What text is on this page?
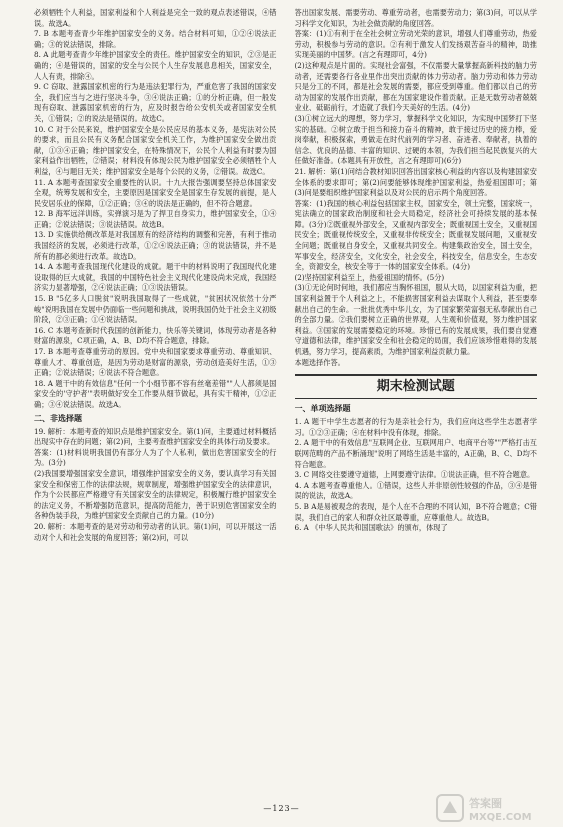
必须牺牲个人利益，国家利益和个人利益是完全一致的观点表述错误，④错误。故选A。

7. B 本题考查青少年维护国家安全的义务。结合材料可知，①②④说法正确；③的说法错误，排除。

8. A 此题考查青少年维护国家安全的责任。维护国家安全的知识，②③是正确的；④是错误的，国家的安全与公民个人生存发展息息相关，国家安全，人人有责，排除④。

9. C 窃取、泄露国家机密的行为是违法犯罪行为，严重危害了我国的国家安全，我们应当与之进行坚决斗争，③④说法正确；①的分析正确，但一般发现有窃取、泄露国家机密的行为，应及时报告给公安机关或者国家安全机关，①错误；②的说法是错误的。故选C。

10. C 对于公民来说，维护国家安全是公民应尽的基本义务，是宪法对公民的要求，而且公民有义务配合国家安全机关工作，为维护国家安全做出贡献，①③④正确；维护国家安全，在特殊情况下，公民个人利益有时要为国家利益作出牺牲，②错误；材料没有体现公民为维护国家安全必须牺牲个人利益，④与题目无关；维护国家安全是每个公民的义务，②错误。故选C。

11. A 本题考查国家安全重要性的认识。十九大报告强调要坚持总体国家安全观，统筹发展和安全，主要原因是国家安全是国家生存发展的前提，是人民安居乐业的保障，①②正确；③④的说法是正确的，但不符合题意。

12. B 海军远洋训练，实弹演习是为了捍卫自身实力，维护国家安全，①④正确；②说法错误；③说法错误。故选B。

13. D 实施供给侧改革是对我国原有的经济结构的调整和完善，有利于推动我国经济的发展，必须进行改革，①②④说法正确；③的说法错误，并不是所有的都必须进行改革。故选D。

14. A 本题考查我国现代化建设的成就。题干中的材料说明了我国现代化建设取得的巨大成就，我国的中国特色社会主义现代化建设尚未完成，我国经济实力显著增强，②④说法正确；①③说法错误。

15. B "5亿多人口脱贫"说明我国取得了一些成就，"贫困状况依然十分严峻"说明我国在发展中仍面临一些问题和挑战，说明我国仍处于社会主义初级阶段，②③正确；①④说法错误。

16. C 本题考查新时代我国的创新能力，快乐等关键词，体现劳动者是各种财富的源泉，C项正确，A、B、D均不符合题意，排除。

17. B 本题考查尊重劳动的原因。党中央和国家要求尊重劳动、尊重知识、尊重人才、尊重创造，是因为劳动是财富的源泉，劳动创造美好生活，①③正确；②说法错误；④说法不符合题意。

18. A 题干中的有效信息"任何一个小细节都不容有丝毫差错""人人都须是国家安全的'守护者'"表明做好安全工作要从细节做起，具有实干精神，①②正确；③④说法错误。故选A。

二、非选择题

19. 解析：本题考查的知识点是维护国家安全。第(1)问，主要通过材料概括出现实中存在的问题；第(2)问，主要考查维护国家安全的具体行动及要求。

答案：(1)材料说明我国仍有部分人为了个人私利，做出危害国家安全的行为。(3分)

(2)我国要增强国家安全意识，增强维护国家安全的义务，要认真学习有关国家安全和保密工作的法律法规，规章制度，增强维护国家安全的法律意识，作为个公民都应严格遵守有关国家安全的法律规定，积极履行维护国家安全的法定义务，不断增强防范意识，提高防范能力，善于识别危害国家安全的各种伪装手段，为维护国家安全贡献自己的力量。(10分)

20. 解析：本题考查的是对劳动和劳动者的认识。第(1)问，可以开展这一活动对个人和社会发展的角度回答；第(2)问，可以

答出国家发展、需要劳动、尊重劳动者，也需要劳动力；第(3)问，可以从学习科学文化知识，为社会做贡献的角度回答。

答案：(1)①有利于在全社会树立劳动光荣的意识，增强人们尊重劳动，热爱劳动，积极参与劳动的意识。②有利于激发人们发扬艰苦奋斗的精神，助推实现美丽的中国梦。(言之有理即可，4分)

(2)这种观点是片面的。实现社会富强，不仅需要大量掌握高新科技的脑力劳动者，还需要各行各业里作出突出贡献的体力劳动者。脑力劳动和体力劳动只是分工的不同，都是社会发展的需要，都应受到尊重。他们都以自己的劳动为国家的发展作出贡献，都在为国家建设作着贡献。正是无数劳动者兢兢业业、砥砺前行，才造就了我们今天美好的生活。(4分)

(3)①树立远大的理想，努力学习，掌握科学文化知识，为实现中国梦打下坚实的基础。②树立敢于担当和接力奋斗的精神，敢于接过历史的接力棒，爱岗奉献，积极探索，勇做走在时代前列的学习者、奋进者、奉献者，执着的信念、优良的品德、丰富的知识、过硬的本领，为我们担当起民族复兴的大任做好准备。(本题具有开放性，言之有理即可)(6分)

21. 解析：第(1)问结合教材知识回答出国家核心利益的内容以及构建国家安全体系的要求即可；第(2)问要能够体现维护国家利益，热爱祖国即可；第(3)问是要组织维护国家利益以及对公民的启示两个角度回答。

答案：(1)我国的核心利益包括国家主权，国家安全，领土完整，国家统一，宪法确立的国家政治制度和社会大局稳定，经济社会可持续发展的基本保障。(3分)②既重视外部安全，又重视内部安全；既重视国土安全，又重视国民安全；既重视传统安全，又重视非传统安全；既重视发展问题，又重视安全问题；既重视自身安全，又重视共同安全。构建集政治安全，国土安全，军事安全，经济安全，文化安全，社会安全，科技安全，信息安全，生态安全，资源安全，核安全等于一体的国家安全体系。(4分)

(2)坚持国家利益至上，热爱祖国的情怀。(5分)

(3)①无论何时何地，我们都应当胸怀祖国，服从大局，以国家利益为重，把国家利益置于个人利益之上，不能损害国家利益去谋取个人利益，甚至要奉献出自己的生命。一批批优秀中华儿女，为了国家繁荣富强无私奉献出自己的全部力量。②我们要树立正确的世界观，人生观和价值观，努力维护国家利益。③国家的发展需要稳定的环境。珍惜已有的发展成果，我们要自觉遵守道德和法律，维护国家安全和社会稳定的局面，我们应该珍惜难得的发展机遇，努力学习，提高素质，为维护国家利益贡献力量。

本题选择作答。

期末检测试题
一、单项选择题

1. A 题干中学生志愿者的行为是亲社会行为，我们应向这些学生志愿者学习。①②③正确；④在材料中没有体现，排除。

2. A 题干中的有效信息"互联网企业、互联网用户、电商平台等""严格打击互联网范畴的产品不断涌现"说明了网络生活是丰富的，A正确，B、C、D均不符合题意。

3. C 网络交往要遵守道德，上网要遵守法律。①说法正确，但不符合题意。

4. A 本题考查尊重他人。①错误，这些人并非原创性较强的作品，③④是错误的说法，故选A。

5. B A是易被观念的表现，是个人在不合理的不同认知，B不符合题意；C错误，我们自己的家人和群众社区最尊重，应尊重他人。故选B。

6. A 《中华人民共和国国歌法》的颁布，体现了

—123—	答案圈
MXQE.COM
